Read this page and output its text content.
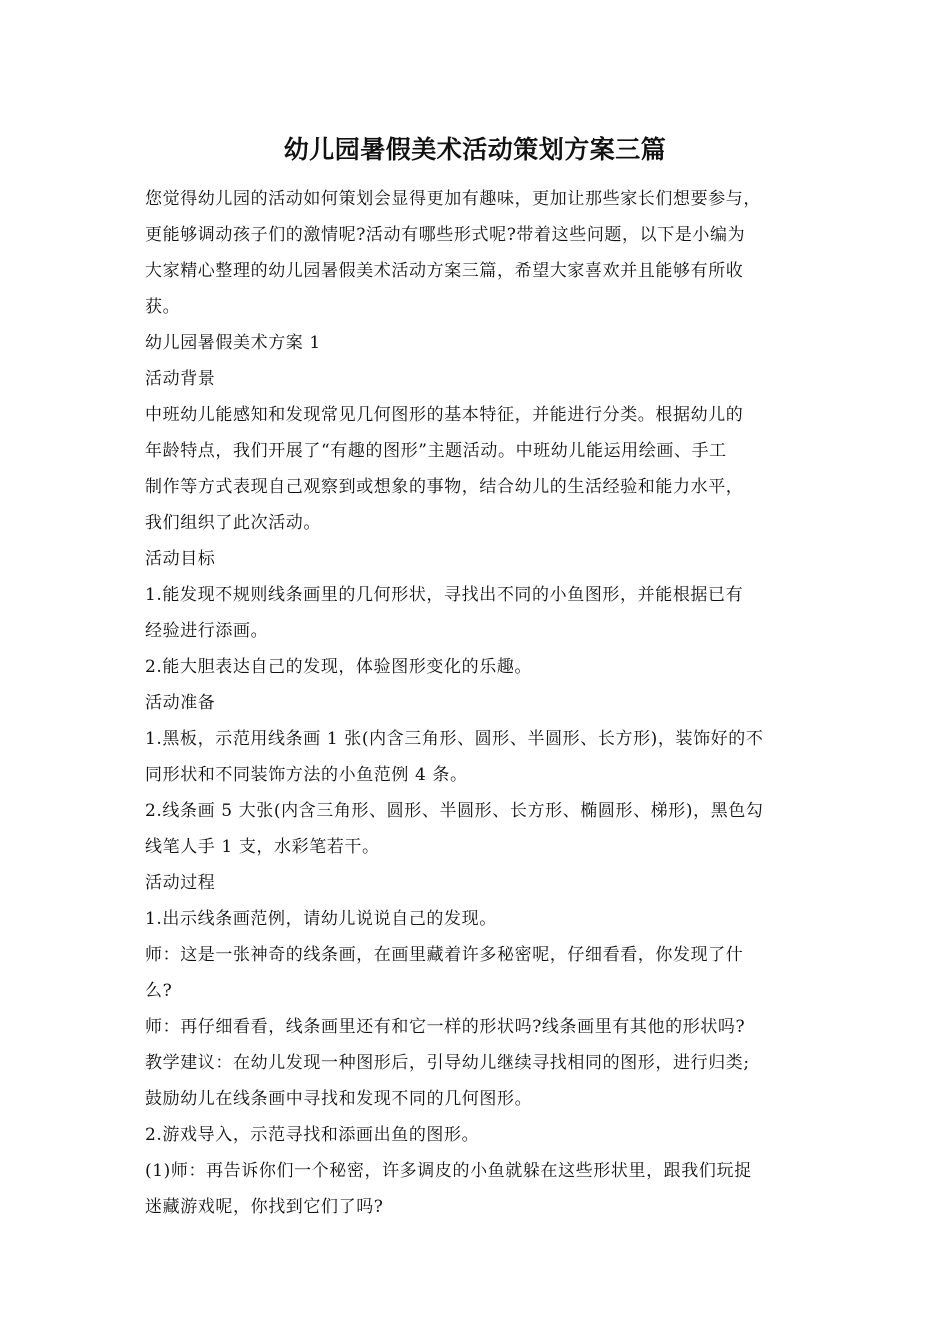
幼儿园暑假美术活动策划方案三篇

您觉得幼儿园的活动如何策划会显得更加有趣味，更加让那些家长们想要参与，
更能够调动孩子们的激情呢?活动有哪些形式呢?带着这些问题，以下是小编为
大家精心整理的幼儿园暑假美术活动方案三篇，希望大家喜欢并且能够有所收
获。

幼儿园暑假美术方案 1

活动背景

中班幼儿能感知和发现常见几何图形的基本特征，并能进行分类。根据幼儿的
年龄特点，我们开展了“有趣的图形”主题活动。中班幼儿能运用绘画、手工
制作等方式表现自己观察到或想象的事物，结合幼儿的生活经验和能力水平，
我们组织了此次活动。

活动目标

1.能发现不规则线条画里的几何形状，寻找出不同的小鱼图形，并能根据已有
经验进行添画。

2.能大胆表达自己的发现，体验图形变化的乐趣。

活动准备

1.黑板，示范用线条画 1 张(内含三角形、圆形、半圆形、长方形)，装饰好的不
同形状和不同装饰方法的小鱼范例 4 条。

2.线条画 5 大张(内含三角形、圆形、半圆形、长方形、椭圆形、梯形)，黑色勾
线笔人手 1 支，水彩笔若干。

活动过程

1.出示线条画范例，请幼儿说说自己的发现。

师：这是一张神奇的线条画，在画里藏着许多秘密呢，仔细看看，你发现了什
么?

师：再仔细看看，线条画里还有和它一样的形状吗?线条画里有其他的形状吗?

教学建议：在幼儿发现一种图形后，引导幼儿继续寻找相同的图形，进行归类;
鼓励幼儿在线条画中寻找和发现不同的几何图形。

2.游戏导入，示范寻找和添画出鱼的图形。

(1)师：再告诉你们一个秘密，许多调皮的小鱼就躲在这些形状里，跟我们玩捉
迷藏游戏呢，你找到它们了吗?
